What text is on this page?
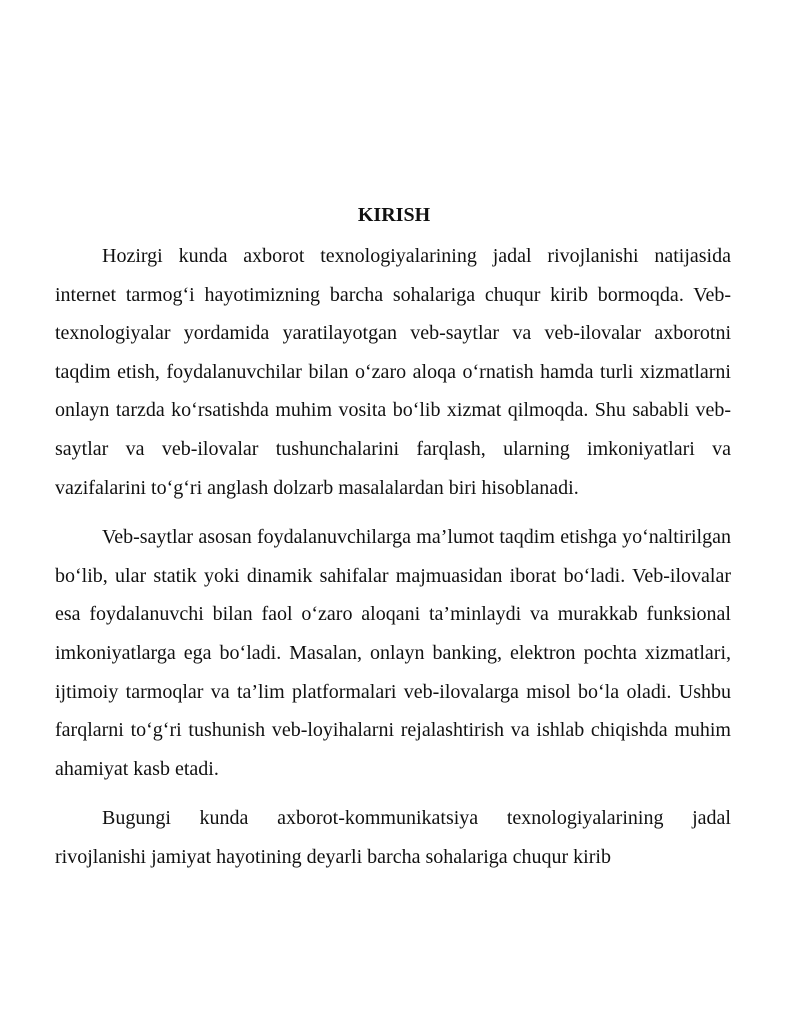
KIRISH

Hozirgi kunda axborot texnologiyalarining jadal rivojlanishi natijasida internet tarmog‘i hayotimizning barcha sohalariga chuqur kirib bormoqda. Veb-texnologiyalar yordamida yaratilayotgan veb-saytlar va veb-ilovalar axborotni taqdim etish, foydalanuvchilar bilan o‘zaro aloqa o‘rnatish hamda turli xizmatlarni onlayn tarzda ko‘rsatishda muhim vosita bo‘lib xizmat qilmoqda. Shu sababli veb-saytlar va veb-ilovalar tushunchalarini farqlash, ularning imkoniyatlari va vazifalarini to‘g‘ri anglash dolzarb masalalardan biri hisoblanadi.

Veb-saytlar asosan foydalanuvchilarga ma’lumot taqdim etishga yo‘naltirilgan bo‘lib, ular statik yoki dinamik sahifalar majmuasidan iborat bo‘ladi. Veb-ilovalar esa foydalanuvchi bilan faol o‘zaro aloqani ta’minlaydi va murakkab funksional imkoniyatlarga ega bo‘ladi. Masalan, onlayn banking, elektron pochta xizmatlari, ijtimoiy tarmoqlar va ta’lim platformalari veb-ilovalarga misol bo‘la oladi. Ushbu farqlarni to‘g‘ri tushunish veb-loyihalarni rejalashtirish va ishlab chiqishda muhim ahamiyat kasb etadi.

Bugungi kunda axborot-kommunikatsiya texnologiyalarining jadal rivojlanishi jamiyat hayotining deyarli barcha sohalariga chuqur kirib
